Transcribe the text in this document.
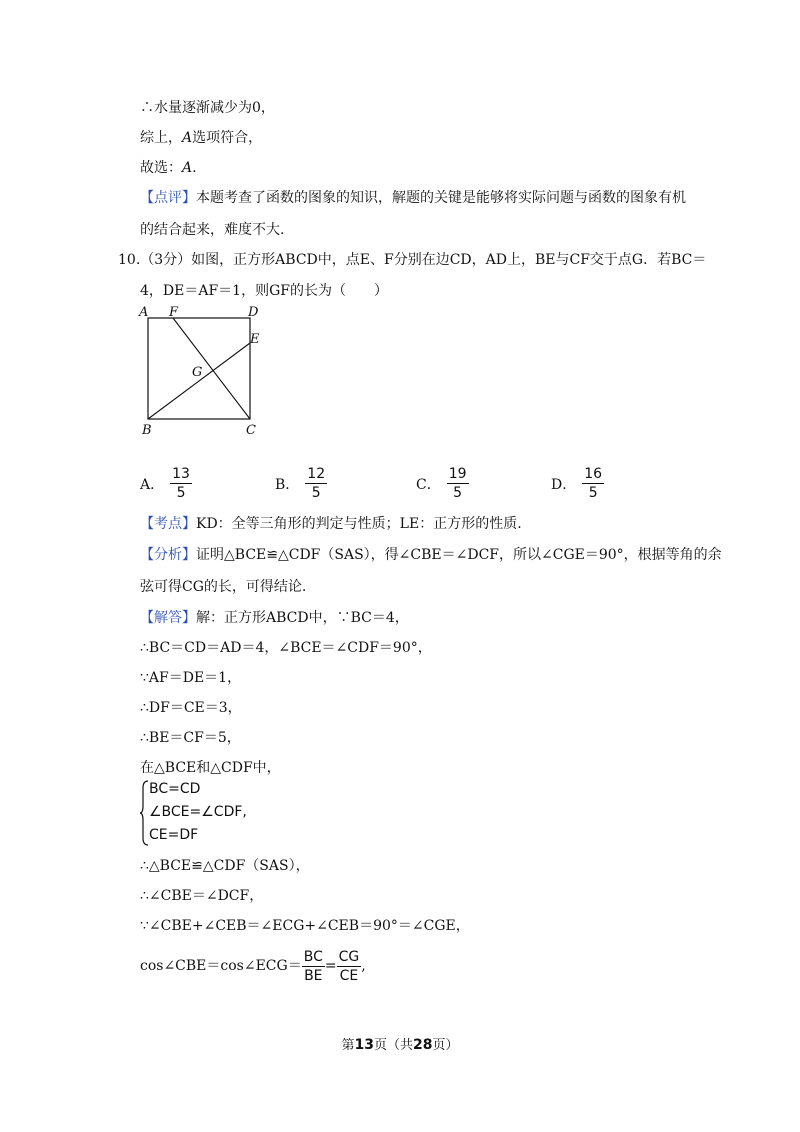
∴水量逐渐减少为0，
综上，A选项符合，
故选：A.
【点评】本题考查了函数的图象的知识，解题的关键是能够将实际问题与函数的图象有机
的结合起来，难度不大.
10.（3分）如图，正方形ABCD中，点E、F分别在边CD，AD上，BE与CF交于点G．若BC＝
4，DE＝AF＝1，则GF的长为（　　）
A F	D
E
G
B	C
A． $\frac{13}{5}$	B． $\frac{12}{5}$	C． $\frac{19}{5}$	D． $\frac{16}{5}$
【考点】KD：全等三角形的判定与性质；LE：正方形的性质.
【分析】证明△BCE≌△CDF（SAS），得∠CBE＝∠DCF，所以∠CGE＝90°，根据等角的余
弦可得CG的长，可得结论.
【解答】解：正方形ABCD中，∵BC＝4，
∴BC＝CD＝AD＝4，∠BCE＝∠CDF＝90°，
∵AF＝DE＝1，
∴DF＝CE＝3，
∴BE＝CF＝5，
在△BCE和△CDF中，
BC=CD
∠BCE=∠CDF,
CE=DF
∴△BCE≌△CDF（SAS），
∴∠CBE＝∠DCF，
∵∠CBE+∠CEB＝∠ECG+∠CEB＝90°＝∠CGE，
cos∠CBE＝cos∠ECG＝ $\frac{BC}{BE} = \frac{CG}{CE}$ ,
第13页（共28页）
